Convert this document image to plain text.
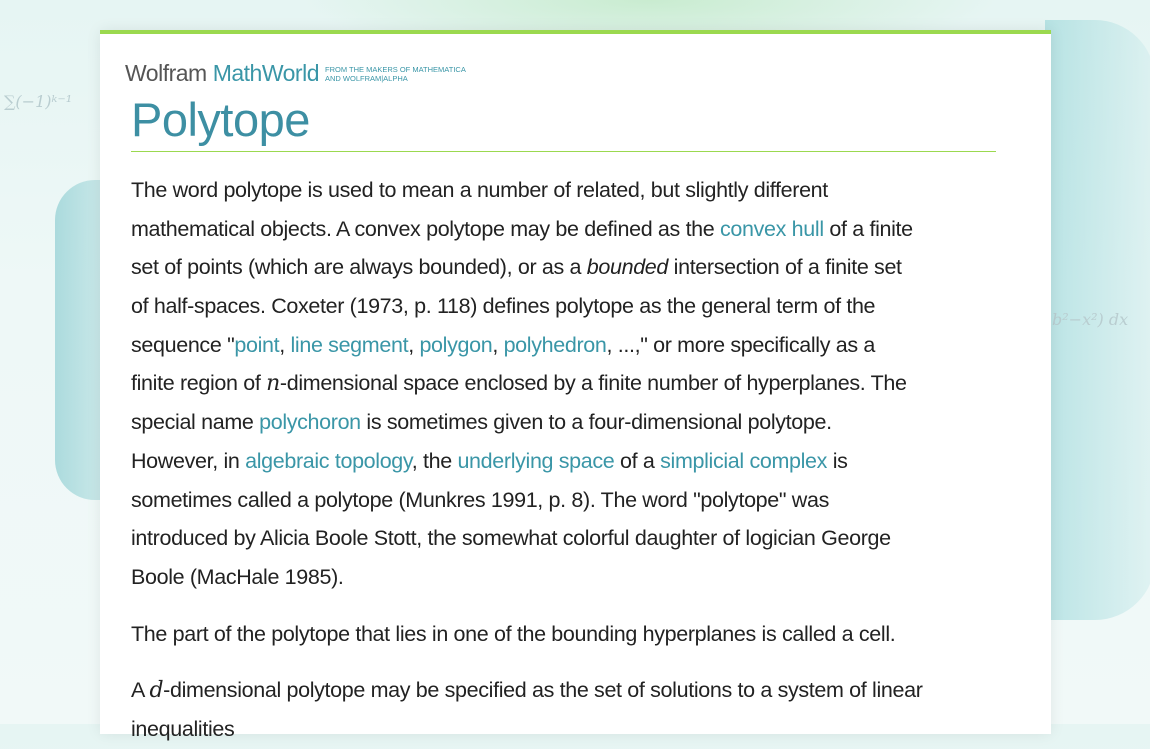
∑(−1)ᵏ⁻¹
b²−x²) dx
Wolfram MathWorld FROM THE MAKERS OF MATHEMATICA
AND WOLFRAM|ALPHA
Polytope
The word polytope is used to mean a number of related, but slightly different
mathematical objects. A convex polytope may be defined as the convex hull of a finite
set of points (which are always bounded), or as a bounded intersection of a finite set
of half-spaces. Coxeter (1973, p. 118) defines polytope as the general term of the
sequence "point, line segment, polygon, polyhedron, ...," or more specifically as a
finite region of n-dimensional space enclosed by a finite number of hyperplanes. The
special name polychoron is sometimes given to a four-dimensional polytope.
However, in algebraic topology, the underlying space of a simplicial complex is
sometimes called a polytope (Munkres 1991, p. 8). The word "polytope" was
introduced by Alicia Boole Stott, the somewhat colorful daughter of logician George
Boole (MacHale 1985).
The part of the polytope that lies in one of the bounding hyperplanes is called a cell.
A d-dimensional polytope may be specified as the set of solutions to a system of linear
inequalities
